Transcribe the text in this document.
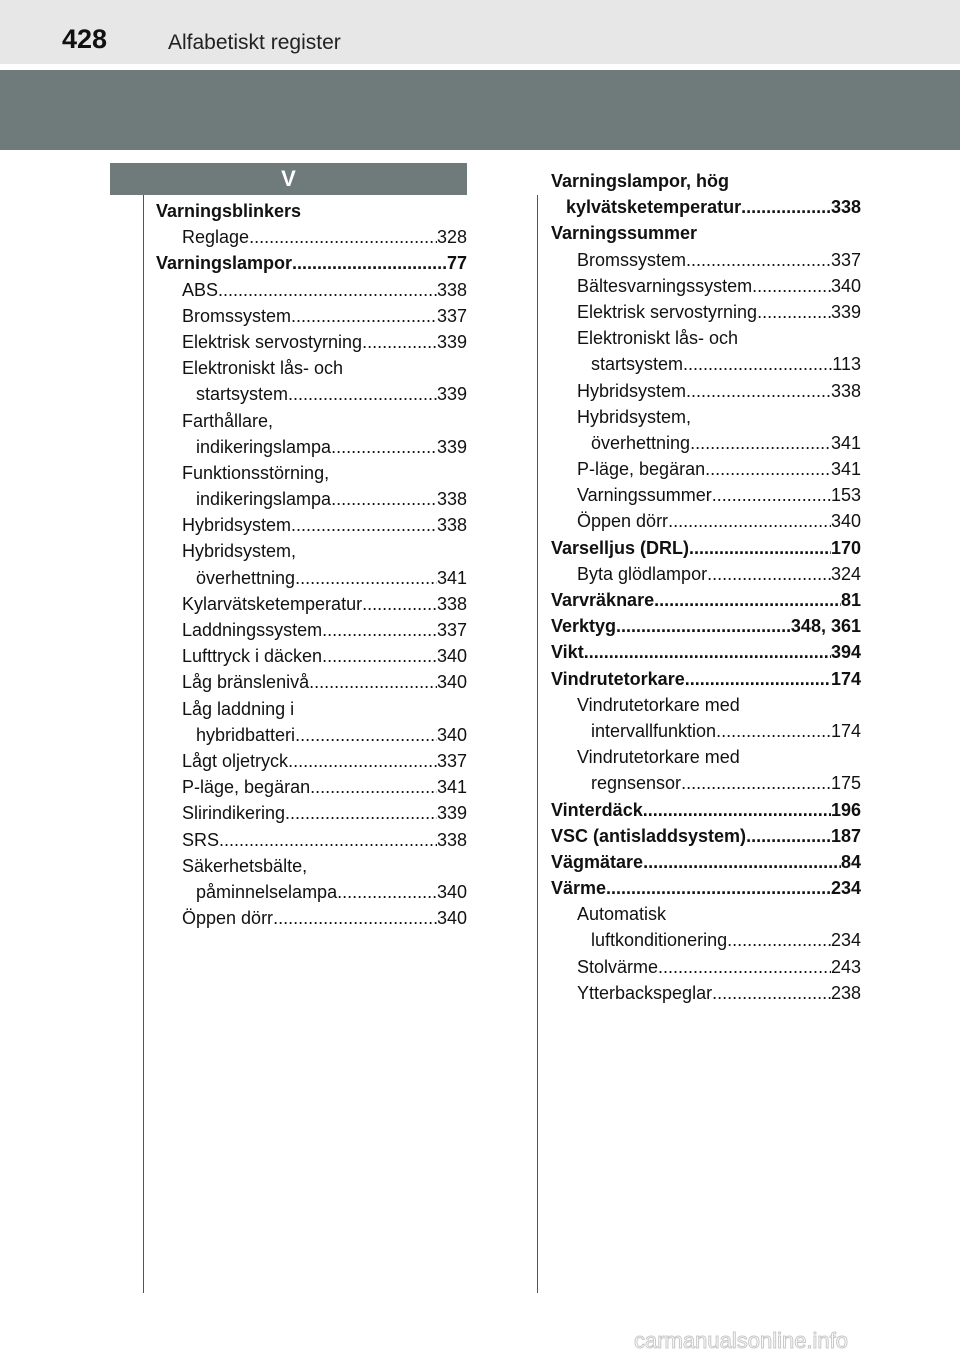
428	Alfabetiskt register
V
Varningsblinkers
Reglage .....	328
Varningslampor .....	77
ABS .....	338
Bromssystem .....	337
Elektrisk servostyrning .....	339
Elektroniskt lås- och
startsystem .....	339
Farthållare,
indikeringslampa .....	339
Funktionsstörning,
indikeringslampa .....	338
Hybridsystem .....	338
Hybridsystem,
överhettning .....	341
Kylarvätsketemperatur .....	338
Laddningssystem .....	337
Lufttryck i däcken .....	340
Låg bränslenivå .....	340
Låg laddning i
hybridbatteri .....	340
Lågt oljetryck .....	337
P-läge, begäran .....	341
Slirindikering .....	339
SRS .....	338
Säkerhetsbälte,
påminnelselampa .....	340
Öppen dörr .....	340
Varningslampor, hög
kylvätsketemperatur .....	338
Varningssummer
Bromssystem .....	337
Bältesvarningssystem .....	340
Elektrisk servostyrning .....	339
Elektroniskt lås- och
startsystem .....	113
Hybridsystem .....	338
Hybridsystem,
överhettning .....	341
P-läge, begäran .....	341
Varningssummer .....	153
Öppen dörr .....	340
Varselljus (DRL) .....	170
Byta glödlampor .....	324
Varvräknare .....	81
Verktyg .....	348, 361
Vikt .....	394
Vindrutetorkare .....	174
Vindrutetorkare med
intervallfunktion .....	174
Vindrutetorkare med
regnsensor .....	175
Vinterdäck .....	196
VSC (antisladdsystem) .....	187
Vägmätare .....	84
Värme .....	234
Automatisk
luftkonditionering .....	234
Stolvärme .....	243
Ytterbackspeglar .....	238
carmanualsonline.info
